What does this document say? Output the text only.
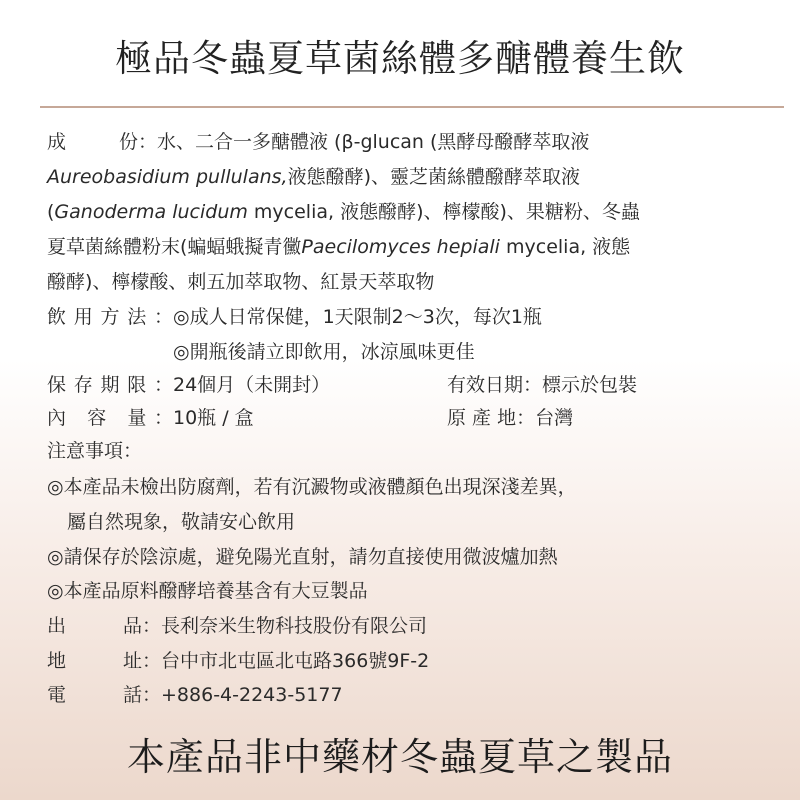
極品冬蟲夏草菌絲體多醣體養生飲
成	份：水、二合一多醣體液 (β-glucan (黑酵母醱酵萃取液
Aureobasidium pullulans,液態醱酵)、靈芝菌絲體醱酵萃取液
(Ganoderma lucidum mycelia, 液態醱酵)、檸檬酸)、果糖粉、冬蟲
夏草菌絲體粉末(蝙蝠蛾擬青黴Paecilomyces hepiali mycelia, 液態
醱酵)、檸檬酸、刺五加萃取物、紅景天萃取物
飲用方法：◎成人日常保健，1天限制2～3次，每次1瓶
◎開瓶後請立即飲用，冰涼風味更佳
保存期限：24個月（未開封）	有效日期：標示於包裝
內 容 量：10瓶 / 盒	原 產 地：台灣
注意事項：
◎本產品未檢出防腐劑，若有沉澱物或液體顏色出現深淺差異，
屬自然現象，敬請安心飲用
◎請保存於陰涼處，避免陽光直射，請勿直接使用微波爐加熱
◎本產品原料醱酵培養基含有大豆製品
出	品：長利奈米生物科技股份有限公司
地	址：台中市北屯區北屯路366號9F-2
電	話：+886-4-2243-5177
本產品非中藥材冬蟲夏草之製品
